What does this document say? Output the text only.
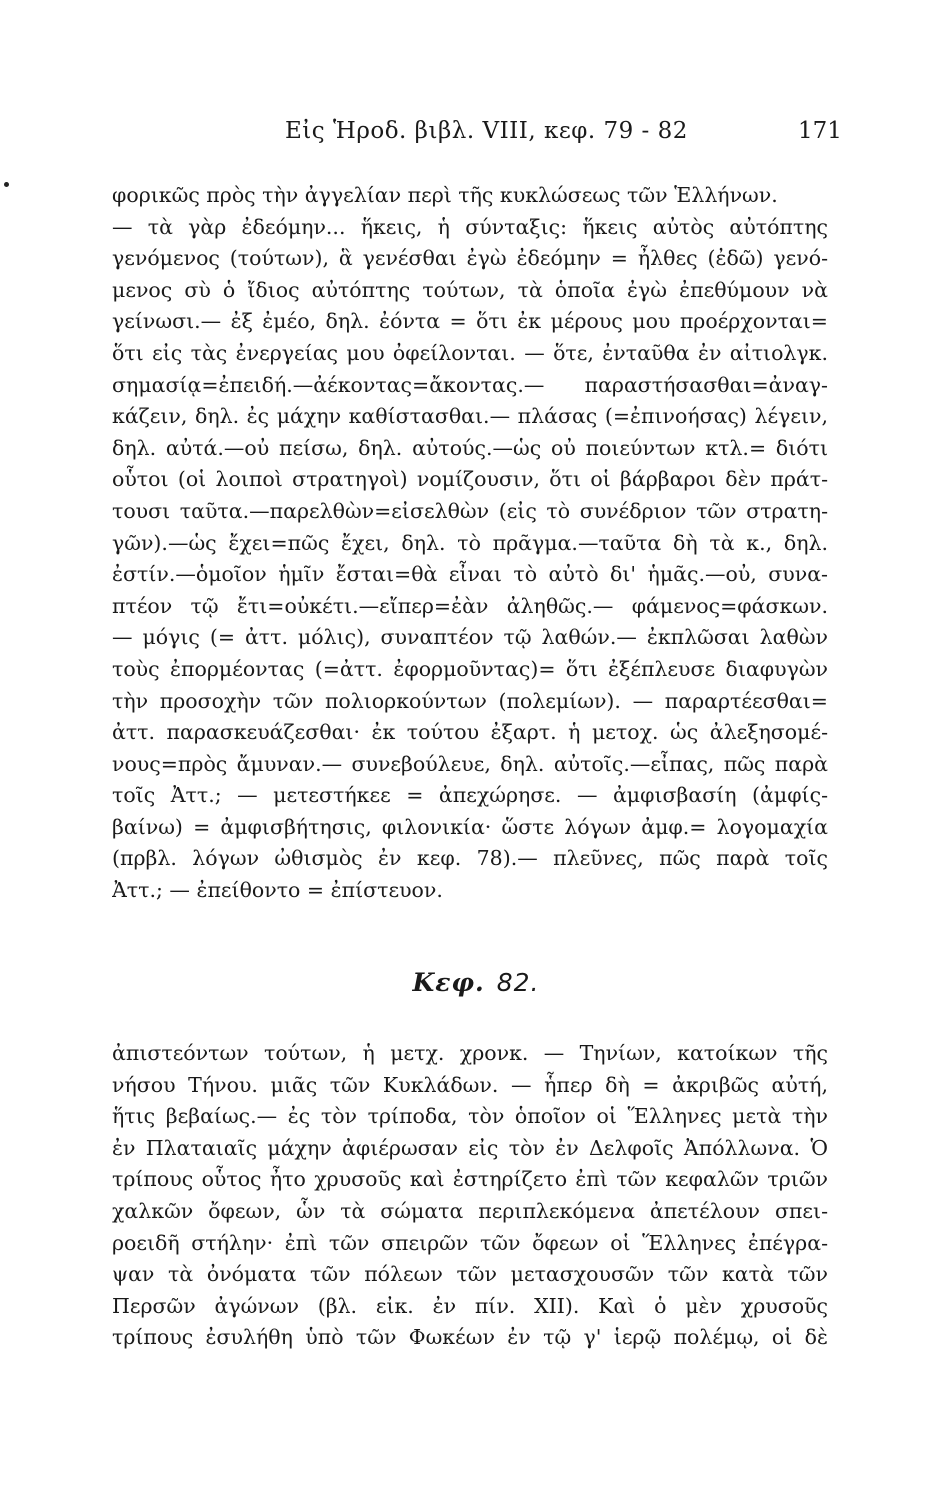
Εἰς Ἡροδ. βιβλ. VIII, κεφ. 79 - 82	171
φορικῶς πρὸς τὴν ἀγγελίαν περὶ τῆς κυκλώσεως τῶν Ἑλλήνων.
— τὰ γὰρ ἐδεόμην... ἥκεις, ἡ σύνταξις: ἥκεις αὐτὸς αὐτόπτης
γενόμενος (τούτων), ἃ γενέσθαι ἐγὼ ἐδεόμην = ἦλθες (ἐδῶ) γενό-
μενος σὺ ὁ ἴδιος αὐτόπτης τούτων, τὰ ὁποῖα ἐγὼ ἐπεθύμουν νὰ
γείνωσι.— ἐξ ἐμέο, δηλ. ἐόντα = ὅτι ἐκ μέρους μου προέρχονται=
ὅτι εἰς τὰς ἐνεργείας μου ὀφείλονται. — ὅτε, ἐνταῦθα ἐν αἰτιολγκ.
σημασίᾳ=ἐπειδή.—ἀέκοντας=ἄκοντας.— παραστήσασθαι=ἀναγ-
κάζειν, δηλ. ἐς μάχην καθίστασθαι.— πλάσας (=ἐπινοήσας) λέγειν,
δηλ. αὐτά.—οὐ πείσω, δηλ. αὐτούς.—ὡς οὐ ποιεύντων κτλ.= διότι
οὗτοι (οἱ λοιποὶ στρατηγοὶ) νομίζουσιν, ὅτι οἱ βάρβαροι δὲν πράτ-
τουσι ταῦτα.—παρελθὼν=εἰσελθὼν (εἰς τὸ συνέδριον τῶν στρατη-
γῶν).—ὡς ἔχει=πῶς ἔχει, δηλ. τὸ πρᾶγμα.—ταῦτα δὴ τὰ κ., δηλ.
ἐστίν.—ὁμοῖον ἡμῖν ἔσται=θὰ εἶναι τὸ αὐτὸ δι' ἡμᾶς.—οὐ, συνα-
πτέον τῷ ἔτι=οὐκέτι.—εἴπερ=ἐὰν ἀληθῶς.— φάμενος=φάσκων.
— μόγις (= ἀττ. μόλις), συναπτέον τῷ λαθών.— ἐκπλῶσαι λαθὼν
τοὺς ἐπορμέοντας (=ἀττ. ἐφορμοῦντας)= ὅτι ἐξέπλευσε διαφυγὼν
τὴν προσοχὴν τῶν πολιορκούντων (πολεμίων). — παραρτέεσθαι=
ἀττ. παρασκευάζεσθαι· ἐκ τούτου ἐξαρτ. ἡ μετοχ. ὡς ἀλεξησομέ-
νους=πρὸς ἄμυναν.— συνεβούλευε, δηλ. αὐτοῖς.—εἶπας, πῶς παρὰ
τοῖς Ἀττ.; — μετεστήκεε = ἀπεχώρησε. — ἀμφισβασίη (ἀμφίς-
βαίνω) = ἀμφισβήτησις, φιλονικία· ὥστε λόγων ἀμφ.= λογομαχία
(πρβλ. λόγων ὠθισμὸς ἐν κεφ. 78).— πλεῦνες, πῶς παρὰ τοῖς
Ἀττ.; — ἐπείθοντο = ἐπίστευον.
Κεφ. 82.
ἀπιστεόντων τούτων, ἡ μετχ. χρονκ. — Τηνίων, κατοίκων τῆς
νήσου Τήνου. μιᾶς τῶν Κυκλάδων. — ἧπερ δὴ = ἀκριβῶς αὐτή,
ἥτις βεβαίως.— ἐς τὸν τρίποδα, τὸν ὁποῖον οἱ Ἕλληνες μετὰ τὴν
ἐν Πλαταιαῖς μάχην ἀφιέρωσαν εἰς τὸν ἐν Δελφοῖς Ἀπόλλωνα. Ὁ
τρίπους οὗτος ἦτο χρυσοῦς καὶ ἐστηρίζετο ἐπὶ τῶν κεφαλῶν τριῶν
χαλκῶν ὄφεων, ὧν τὰ σώματα περιπλεκόμενα ἀπετέλουν σπει-
ροειδῆ στήλην· ἐπὶ τῶν σπειρῶν τῶν ὄφεων οἱ Ἕλληνες ἐπέγρα-
ψαν τὰ ὀνόματα τῶν πόλεων τῶν μετασχουσῶν τῶν κατὰ τῶν
Περσῶν ἀγώνων (βλ. εἰκ. ἐν πίν. XII). Καὶ ὁ μὲν χρυσοῦς
τρίπους ἐσυλήθη ὑπὸ τῶν Φωκέων ἐν τῷ γ' ἱερῷ πολέμῳ, οἱ δὲ
